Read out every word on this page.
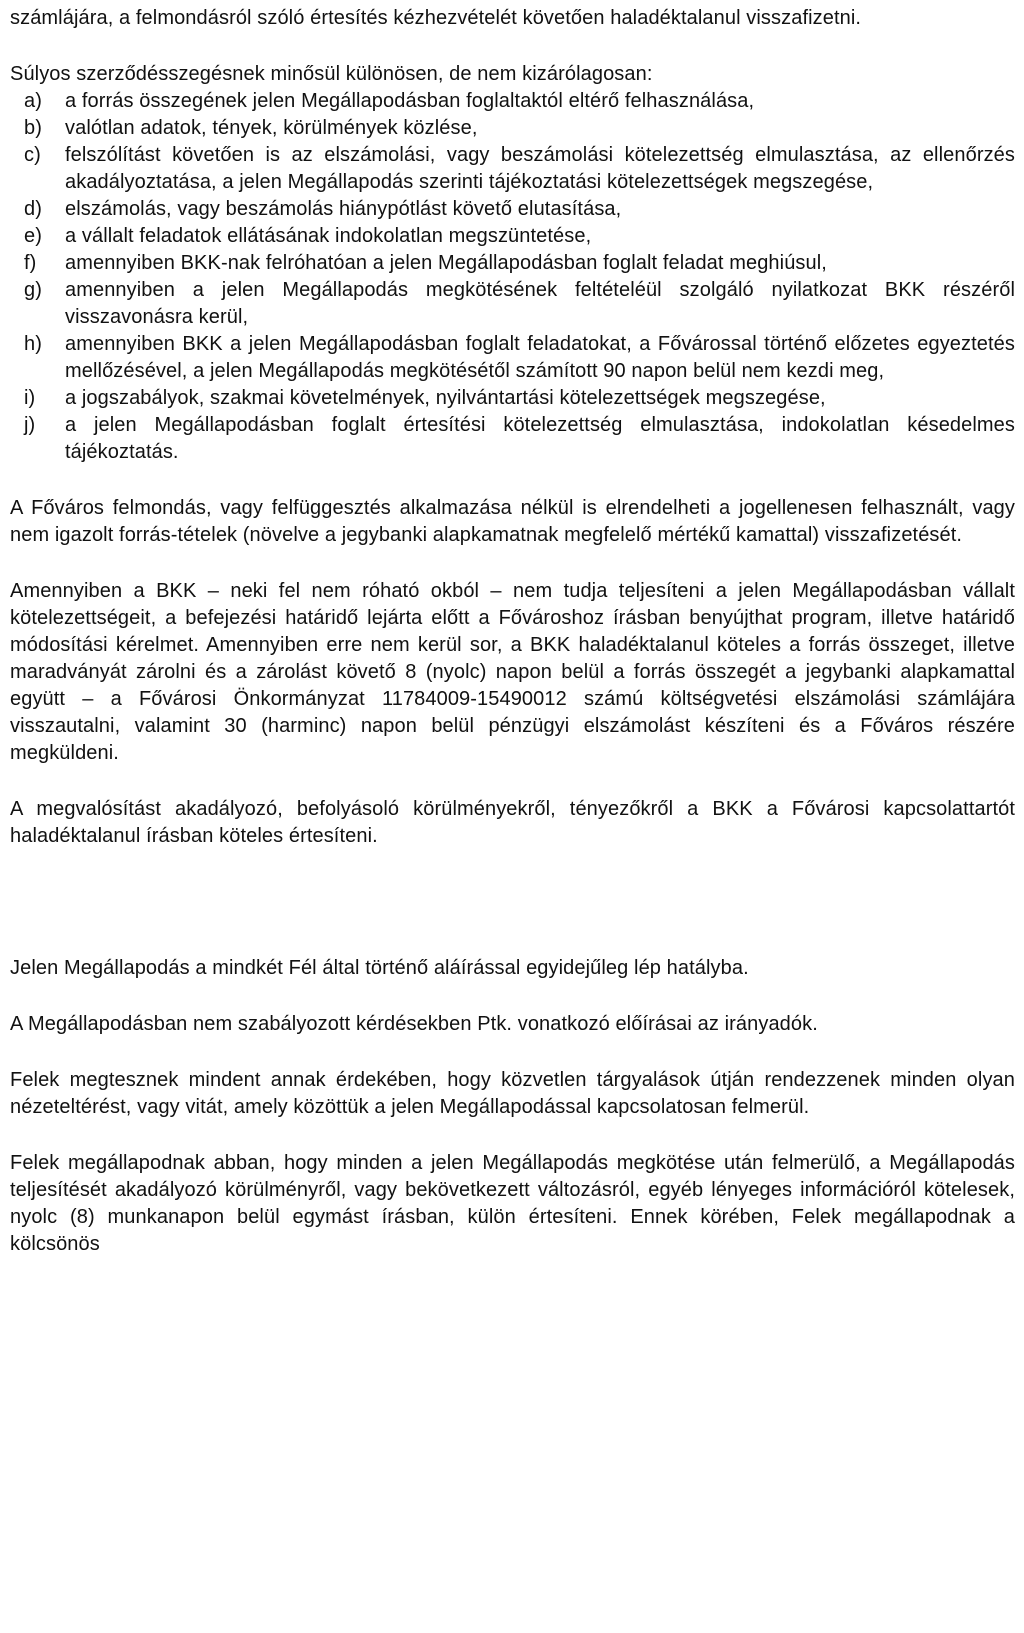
számlájára, a felmondásról szóló értesítés kézhezvételét követően haladéktalanul visszafizetni.

Súlyos szerződésszegésnek minősül különösen, de nem kizárólagosan:

a)	a forrás összegének jelen Megállapodásban foglaltaktól eltérő felhasználása,
b)	valótlan adatok, tények, körülmények közlése,
c)	felszólítást követően is az elszámolási, vagy beszámolási kötelezettség elmulasztása, az ellenőrzés akadályoztatása, a jelen Megállapodás szerinti tájékoztatási kötelezettségek megszegése,
d)	elszámolás, vagy beszámolás hiánypótlást követő elutasítása,
e)	a vállalt feladatok ellátásának indokolatlan megszüntetése,
f)	amennyiben BKK-nak felróhatóan a jelen Megállapodásban foglalt feladat meghiúsul,
g)	amennyiben a jelen Megállapodás megkötésének feltételéül szolgáló nyilatkozat BKK részéről visszavonásra kerül,
h)	amennyiben BKK a jelen Megállapodásban foglalt feladatokat, a Fővárossal történő előzetes egyeztetés mellőzésével, a jelen Megállapodás megkötésétől számított 90 napon belül nem kezdi meg,
i)	a jogszabályok, szakmai követelmények, nyilvántartási kötelezettségek megszegése,
j)	a jelen Megállapodásban foglalt értesítési kötelezettség elmulasztása, indokolatlan késedelmes tájékoztatás.

A Főváros felmondás, vagy felfüggesztés alkalmazása nélkül is elrendelheti a jogellenesen felhasznált, vagy nem igazolt forrás-tételek (növelve a jegybanki alapkamatnak megfelelő mértékű kamattal) visszafizetését.

Amennyiben a BKK – neki fel nem róható okból – nem tudja teljesíteni a jelen Megállapodásban vállalt kötelezettségeit, a befejezési határidő lejárta előtt a Fővároshoz írásban benyújthat program, illetve határidő módosítási kérelmet. Amennyiben erre nem kerül sor, a BKK haladéktalanul köteles a forrás összeget, illetve maradványát zárolni és a zárolást követő 8 (nyolc) napon belül a forrás összegét a jegybanki alapkamattal együtt – a Fővárosi Önkormányzat 11784009-15490012 számú költségvetési elszámolási számlájára visszautalni, valamint 30 (harminc) napon belül pénzügyi elszámolást készíteni és a Főváros részére megküldeni.

A megvalósítást akadályozó, befolyásoló körülményekről, tényezőkről a BKK a Fővárosi kapcsolattartót haladéktalanul írásban köteles értesíteni.

Jelen Megállapodás a mindkét Fél által történő aláírással egyidejűleg lép hatályba.

A Megállapodásban nem szabályozott kérdésekben Ptk. vonatkozó előírásai az irányadók.

Felek megtesznek mindent annak érdekében, hogy közvetlen tárgyalások útján rendezzenek minden olyan nézeteltérést, vagy vitát, amely közöttük a jelen Megállapodással kapcsolatosan felmerül.

Felek megállapodnak abban, hogy minden a jelen Megállapodás megkötése után felmerülő, a Megállapodás teljesítését akadályozó körülményről, vagy bekövetkezett változásról, egyéb lényeges információról kötelesek, nyolc (8) munkanapon belül egymást írásban, külön értesíteni. Ennek körében, Felek megállapodnak a kölcsönös
